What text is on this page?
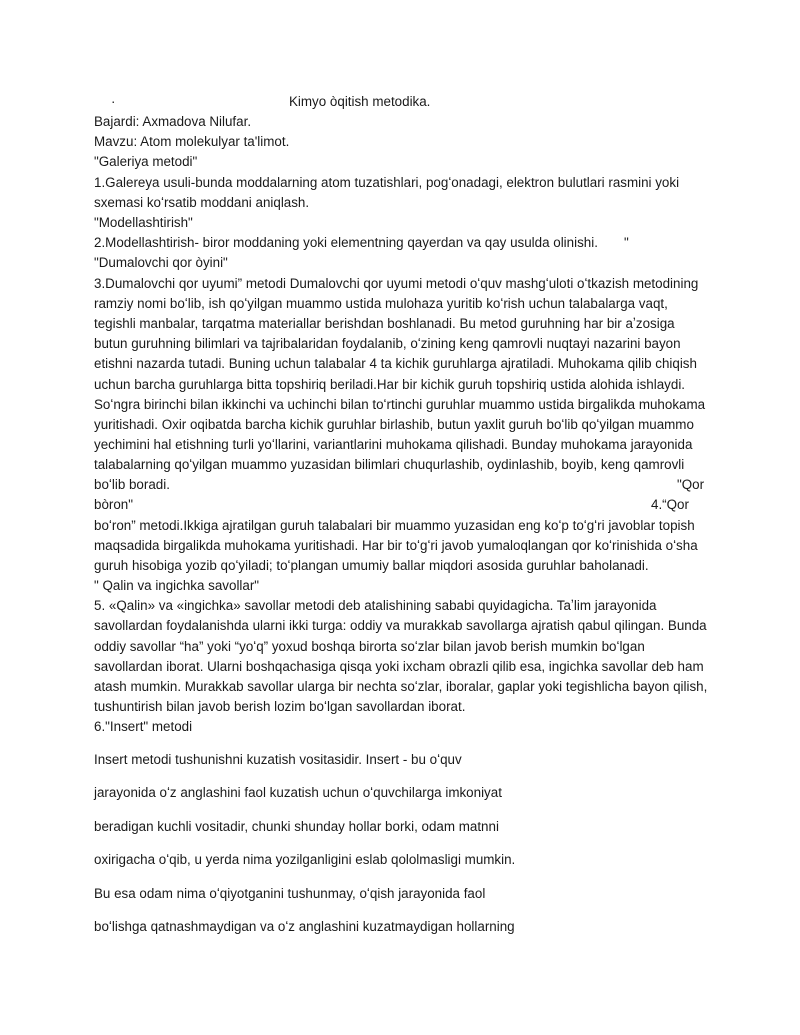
·	Kimyo òqitish metodika.
Bajardi: Axmadova Nilufar.
Mavzu: Atom molekulyar ta'limot.
"Galeriya metodi"
1.Galereya usuli-bunda moddalarning atom tuzatishlari, pogʻonadagi, elektron bulutlari rasmini yoki
sxemasi koʻrsatib moddani aniqlash.
"Modellashtirish"
2.Modellashtirish- biror moddaning yoki elementning qayerdan va qay usulda olinishi. "
"Dumalovchi qor òyini"
3.Dumalovchi qor uyumi” metodi Dumalovchi qor uyumi metodi oʻquv mashgʻuloti oʻtkazish metodining
ramziy nomi boʻlib, ish qoʻyilgan muammo ustida mulohaza yuritib koʻrish uchun talabalarga vaqt,
tegishli manbalar, tarqatma materiallar berishdan boshlanadi. Bu metod guruhning har bir aʼzosiga
butun guruhning bilimlari va tajribalaridan foydalanib, oʻzining keng qamrovli nuqtayi nazarini bayon
etishni nazarda tutadi. Buning uchun talabalar 4 ta kichik guruhlarga ajratiladi. Muhokama qilib chiqish
uchun barcha guruhlarga bitta topshiriq beriladi.Har bir kichik guruh topshiriq ustida alohida ishlaydi.
Soʻngra birinchi bilan ikkinchi va uchinchi bilan toʻrtinchi guruhlar muammo ustida birgalikda muhokama
yuritishadi. Oxir oqibatda barcha kichik guruhlar birlashib, butun yaxlit guruh boʻlib qoʻyilgan muammo
yechimini hal etishning turli yoʻllarini, variantlarini muhokama qilishadi. Bunday muhokama jarayonida
talabalarning qoʻyilgan muammo yuzasidan bilimlari chuqurlashib, oydinlashib, boyib, keng qamrovli
boʻlib boradi.	"Qor
bòron"	4.“Qor
boʻron” metodi.Ikkiga ajratilgan guruh talabalari bir muammo yuzasidan eng koʻp toʻgʻri javoblar topish
maqsadida birgalikda muhokama yuritishadi. Har bir toʻgʻri javob yumaloqlangan qor koʻrinishida oʻsha
guruh hisobiga yozib qoʻyiladi; toʻplangan umumiy ballar miqdori asosida guruhlar baholanadi.
" Qalin va ingichka savollar"
5. «Qalin» va «ingichka» savollar metodi deb atalishining sababi quyidagicha. Taʼlim jarayonida
savollardan foydalanishda ularni ikki turga: oddiy va murakkab savollarga ajratish qabul qilingan. Bunda
oddiy savollar “ha” yoki “yoʻq” yoxud boshqa birorta soʻzlar bilan javob berish mumkin boʻlgan
savollardan iborat. Ularni boshqachasiga qisqa yoki ixcham obrazli qilib esa, ingichka savollar deb ham
atash mumkin. Murakkab savollar ularga bir nechta soʻzlar, iboralar, gaplar yoki tegishlicha bayon qilish,
tushuntirish bilan javob berish lozim boʻlgan savollardan iborat.
6."Insert" metodi
Insert metodi tushunishni kuzatish vositasidir. Insert - bu oʻquv
jarayonida oʻz anglashini faol kuzatish uchun oʻquvchilarga imkoniyat
beradigan kuchli vositadir, chunki shunday hollar borki, odam matnni
oxirigacha oʻqib, u yerda nima yozilganligini eslab qololmasligi mumkin.
Bu esa odam nima oʻqiyotganini tushunmay, oʻqish jarayonida faol
boʻlishga qatnashmaydigan va oʻz anglashini kuzatmaydigan hollarning
